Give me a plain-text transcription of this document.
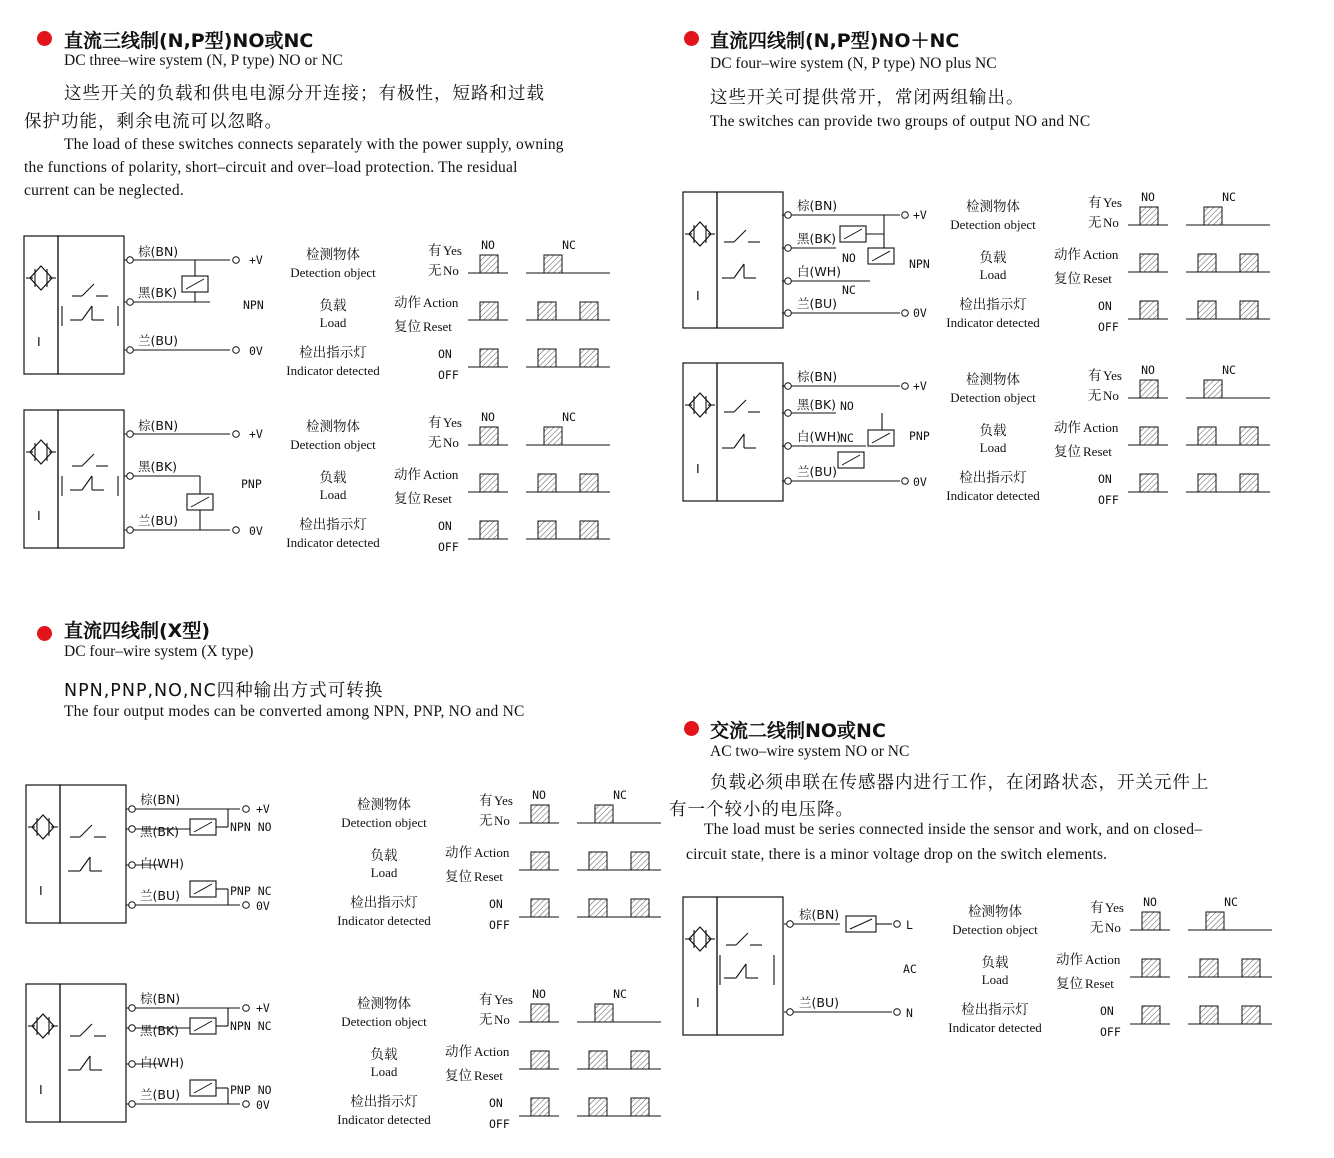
直流三线制(N,P型)NO或NC
DC three–wire system (N, P type) NO or NC
这些开关的负载和供电电源分开连接；有极性，短路和过载
保护功能，剩余电流可以忽略。
The load of these switches connects separately with the power supply, owning
the functions of polarity, short–circuit and over–load protection. The residual
current can be neglected.
直流四线制(N,P型)NO＋NC
DC four–wire system (N, P type) NO plus NC
这些开关可提供常开，常闭两组输出。
The switches can provide two groups of output NO and NC
直流四线制(X型)
DC four–wire system (X type)
NPN,PNP,NO,NC四种输出方式可转换
The four output modes can be converted among NPN, PNP, NO and NC
交流二线制NO或NC
AC two–wire system NO or NC
负载必须串联在传感器内进行工作，在闭路状态，开关元件上
有一个较小的电压降。
The load must be series connected inside the sensor and work, and on closed–
circuit state, there is a minor voltage drop on the switch elements.
I
棕(BN)
黑(BK)
兰(BU)
+V
0V
NPN
检测物体
Detection object
负载
Load
检出指示灯
Indicator detected
有 Yes
无 No
动作 Action
复位 Reset
ON
OFF
NO	NC
I
棕(BN)
黑(BK)
兰(BU)
+V
0V
PNP
检测物体
Detection object
负载
Load
检出指示灯
Indicator detected
有 Yes
无 No
动作 Action
复位 Reset
ON
OFF
NO	NC
I
棕(BN)
黑(BK)
白(WH)
兰(BU)
NO
NC
+V
0V
NPN
检测物体
Detection object
负载
Load
检出指示灯
Indicator detected
有 Yes
无 No
动作 Action
复位 Reset
ON
OFF
NO	NC
I
棕(BN)
黑(BK) NO
白(WH)
NC
兰(BU)
+V
0V
PNP
检测物体
Detection object
负载
Load
检出指示灯
Indicator detected
有 Yes
无 No
动作 Action
复位 Reset
ON
OFF
NO	NC
I
棕(BN)
黑(BK)
白(WH)
兰(BU)
+V
0V
NPN NO
PNP NC
检测物体
Detection object
负载
Load
检出指示灯
Indicator detected
有 Yes
无 No
动作 Action
复位 Reset
ON
OFF
NO	NC
I
棕(BN)
黑(BK)
白(WH)
兰(BU)
+V
0V
NPN NC
PNP NO
检测物体
Detection object
负载
Load
检出指示灯
Indicator detected
有 Yes
无 No
动作 Action
复位 Reset
ON
OFF
NO	NC
I
棕(BN)
兰(BU)
L
N
AC
检测物体
Detection object
负载
Load
检出指示灯
Indicator detected
有 Yes
无 No
动作 Action
复位 Reset
ON
OFF
NO	NC
